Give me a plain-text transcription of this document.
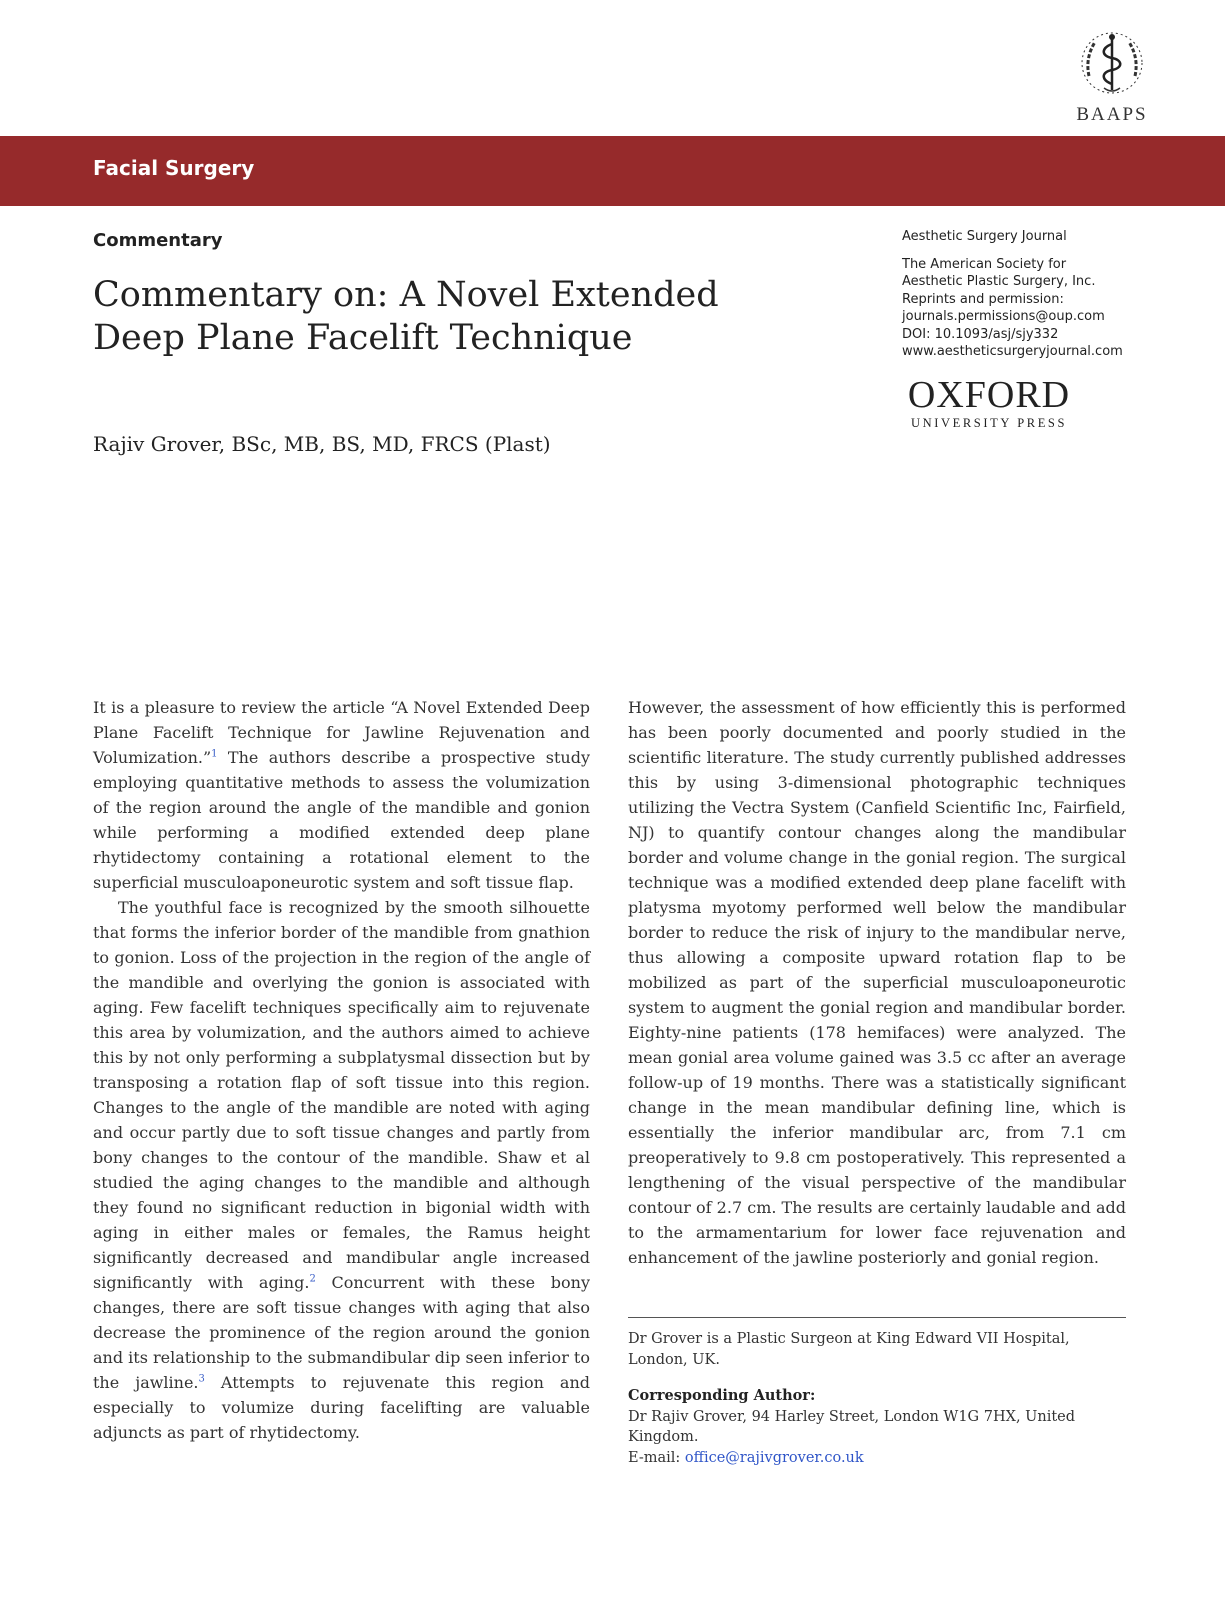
BAAPS
Facial Surgery
Commentary
Commentary on: A Novel Extended
Deep Plane Facelift Technique
Rajiv Grover, BSc, MB, BS, MD, FRCS (Plast)
Aesthetic Surgery Journal
The American Society for
Aesthetic Plastic Surgery, Inc.
Reprints and permission:
journals.permissions@oup.com
DOI: 10.1093/asj/sjy332
www.aestheticsurgeryjournal.com
OXFORD
UNIVERSITY PRESS

It is a pleasure to review the article “A Novel Extended Deep Plane Facelift Technique for Jawline Rejuvenation and Volumization.”$^1$ The authors describe a prospective study employing quantitative methods to assess the volumization of the region around the angle of the mandible and gonion while performing a modified extended deep plane rhytidectomy containing a rotational element to the superficial musculoaponeurotic system and soft tissue flap.

The youthful face is recognized by the smooth silhouette that forms the inferior border of the mandible from gnathion to gonion. Loss of the projection in the region of the angle of the mandible and overlying the gonion is associated with aging. Few facelift techniques specifically aim to rejuvenate this area by volumization, and the authors aimed to achieve this by not only performing a subplatysmal dissection but by transposing a rotation flap of soft tissue into this region. Changes to the angle of the mandible are noted with aging and occur partly due to soft tissue changes and partly from bony changes to the contour of the mandible. Shaw et al studied the aging changes to the mandible and although they found no significant reduction in bigonial width with aging in either males or females, the Ramus height significantly decreased and mandibular angle increased significantly with aging.$^2$ Concurrent with these bony changes, there are soft tissue changes with aging that also decrease the prominence of the region around the gonion and its relationship to the submandibular dip seen inferior to the jawline.$^3$ Attempts to rejuvenate this region and especially to volumize during facelifting are valuable adjuncts as part of rhytidectomy.

However, the assessment of how efficiently this is performed has been poorly documented and poorly studied in the scientific literature. The study currently published addresses this by using 3-dimensional photographic techniques utilizing the Vectra System (Canfield Scientific Inc, Fairfield, NJ) to quantify contour changes along the mandibular border and volume change in the gonial region. The surgical technique was a modified extended deep plane facelift with platysma myotomy performed well below the mandibular border to reduce the risk of injury to the mandibular nerve, thus allowing a composite upward rotation flap to be mobilized as part of the superficial musculoaponeurotic system to augment the gonial region and mandibular border. Eighty-nine patients (178 hemifaces) were analyzed. The mean gonial area volume gained was 3.5 cc after an average follow-up of 19 months. There was a statistically significant change in the mean mandibular defining line, which is essentially the inferior mandibular arc, from 7.1 cm preoperatively to 9.8 cm postoperatively. This represented a lengthening of the visual perspective of the mandibular contour of 2.7 cm. The results are certainly laudable and add to the armamentarium for lower face rejuvenation and enhancement of the jawline posteriorly and gonial region.

Dr Grover is a Plastic Surgeon at King Edward VII Hospital, London, UK.
Corresponding Author:
Dr Rajiv Grover, 94 Harley Street, London W1G 7HX, United Kingdom.
E-mail: office@rajivgrover.co.uk
